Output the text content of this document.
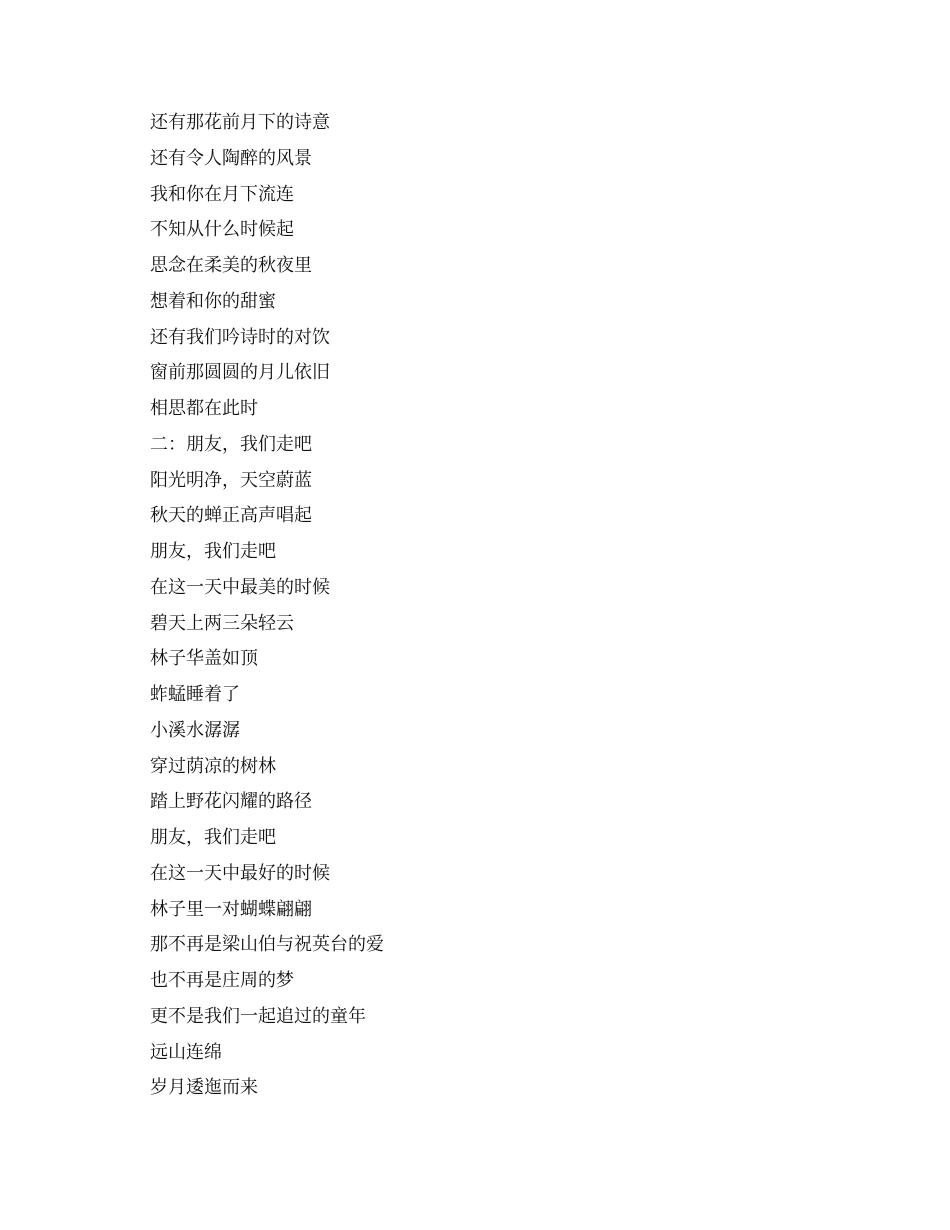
还有那花前月下的诗意
还有令人陶醉的风景
我和你在月下流连
不知从什么时候起
思念在柔美的秋夜里
想着和你的甜蜜
还有我们吟诗时的对饮
窗前那圆圆的月儿依旧
相思都在此时
二：朋友，我们走吧
阳光明净，天空蔚蓝
秋天的蝉正高声唱起
朋友，我们走吧
在这一天中最美的时候
碧天上两三朵轻云
林子华盖如顶
蚱蜢睡着了
小溪水潺潺
穿过荫凉的树林
踏上野花闪耀的路径
朋友，我们走吧
在这一天中最好的时候
林子里一对蝴蝶翩翩
那不再是梁山伯与祝英台的爱
也不再是庄周的梦
更不是我们一起追过的童年
远山连绵
岁月逶迤而来
